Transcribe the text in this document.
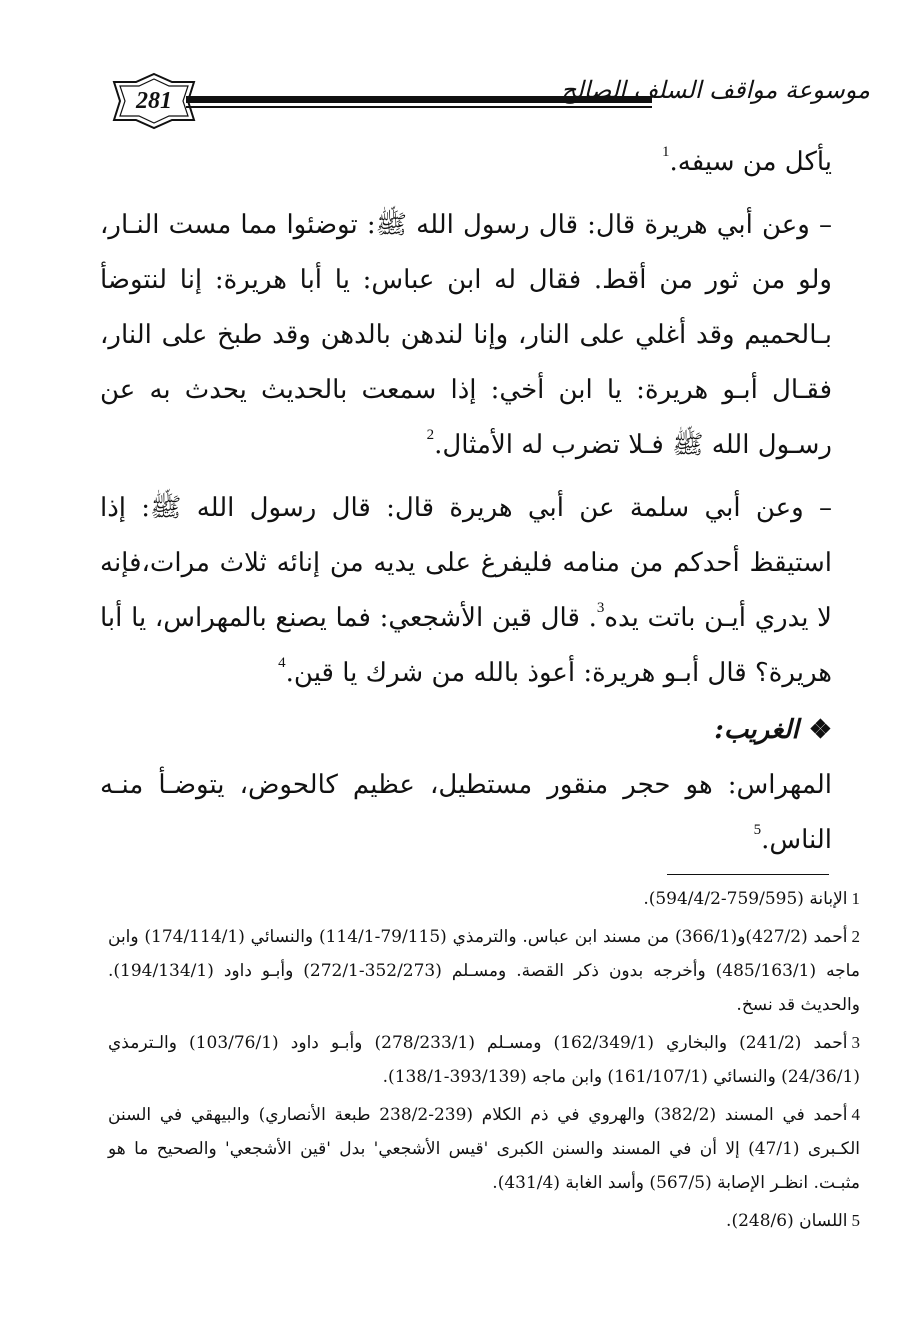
281	موسوعة مواقف السلف الصالح

يأكل من سيفه.$^1$

– وعن أبي هريرة قال: قال رسول الله ﷺ: توضئوا مما مست النـار، ولو من ثور من أقط. فقال له ابن عباس: يا أبا هريرة: إنا لنتوضأ بـالحميم وقد أغلي على النار، وإنا لندهن بالدهن وقد طبخ على النار، فقـال أبـو هريرة: يا ابن أخي: إذا سمعت بالحديث يحدث به عن رسـول الله ﷺ فـلا تضرب له الأمثال.$^2$

– وعن أبي سلمة عن أبي هريرة قال: قال رسول الله ﷺ: إذا استيقظ أحدكم من منامه فليفرغ على يديه من إنائه ثلاث مرات،فإنه لا يدري أيـن باتت يده$^3$. قال قين الأشجعي: فما يصنع بالمهراس، يا أبا هريرة؟ قال أبـو هريرة: أعوذ بالله من شرك يا قين.$^4$

❖الغريب:

المهراس: هو حجر منقور مستطيل، عظيم كالحوض، يتوضـأ منـه الناس.$^5$

1الإبانة (759/595-594/4/2).

2أحمد (427/2)و(366/1) من مسند ابن عباس. والترمذي (79/115-114/1) والنسائي (174/114/1) وابن ماجه (485/163/1) وأخرجه بدون ذكر القصة. ومسـلم (352/273-272/1) وأبـو داود (194/134/1). والحديث قد نسخ.

3أحمد (241/2) والبخاري (162/349/1) ومسـلم (278/233/1) وأبـو داود (103/76/1) والـترمذي (24/36/1) والنسائي (161/107/1) وابن ماجه (393/139-138/1).

4أحمد في المسند (382/2) والهروي في ذم الكلام (239-238/2 طبعة الأنصاري) والبيهقي في السنن الكـبرى (47/1) إلا أن في المسند والسنن الكبرى 'قيس الأشجعي' بدل 'قين الأشجعي' والصحيح ما هو مثبـت. انظـر الإصابة (567/5) وأسد الغابة (431/4).

5اللسان (248/6).
